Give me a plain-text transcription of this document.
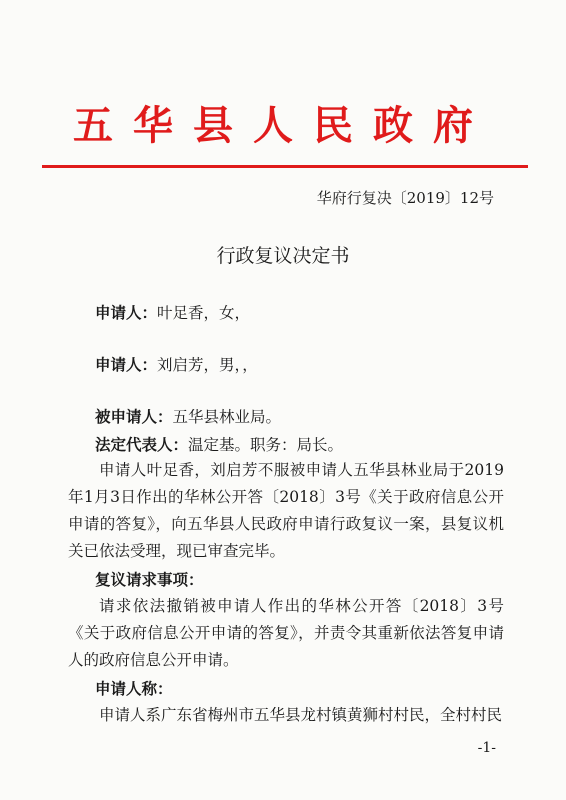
五华县人民政府
华府行复决〔2019〕12号
行政复议决定书
申请人：叶足香，女，
申请人：刘启芳，男，，
被申请人：五华县林业局。
法定代表人：温定基。职务：局长。
申请人叶足香，刘启芳不服被申请人五华县林业局于2019年1月3日作出的华林公开答〔2018〕3号《关于政府信息公开申请的答复》，向五华县人民政府申请行政复议一案，县复议机关已依法受理，现已审查完毕。
复议请求事项：
请求依法撤销被申请人作出的华林公开答〔2018〕3号《关于政府信息公开申请的答复》，并责令其重新依法答复申请人的政府信息公开申请。
申请人称：
申请人系广东省梅州市五华县龙村镇黄狮村村民，全村村民
-1-
